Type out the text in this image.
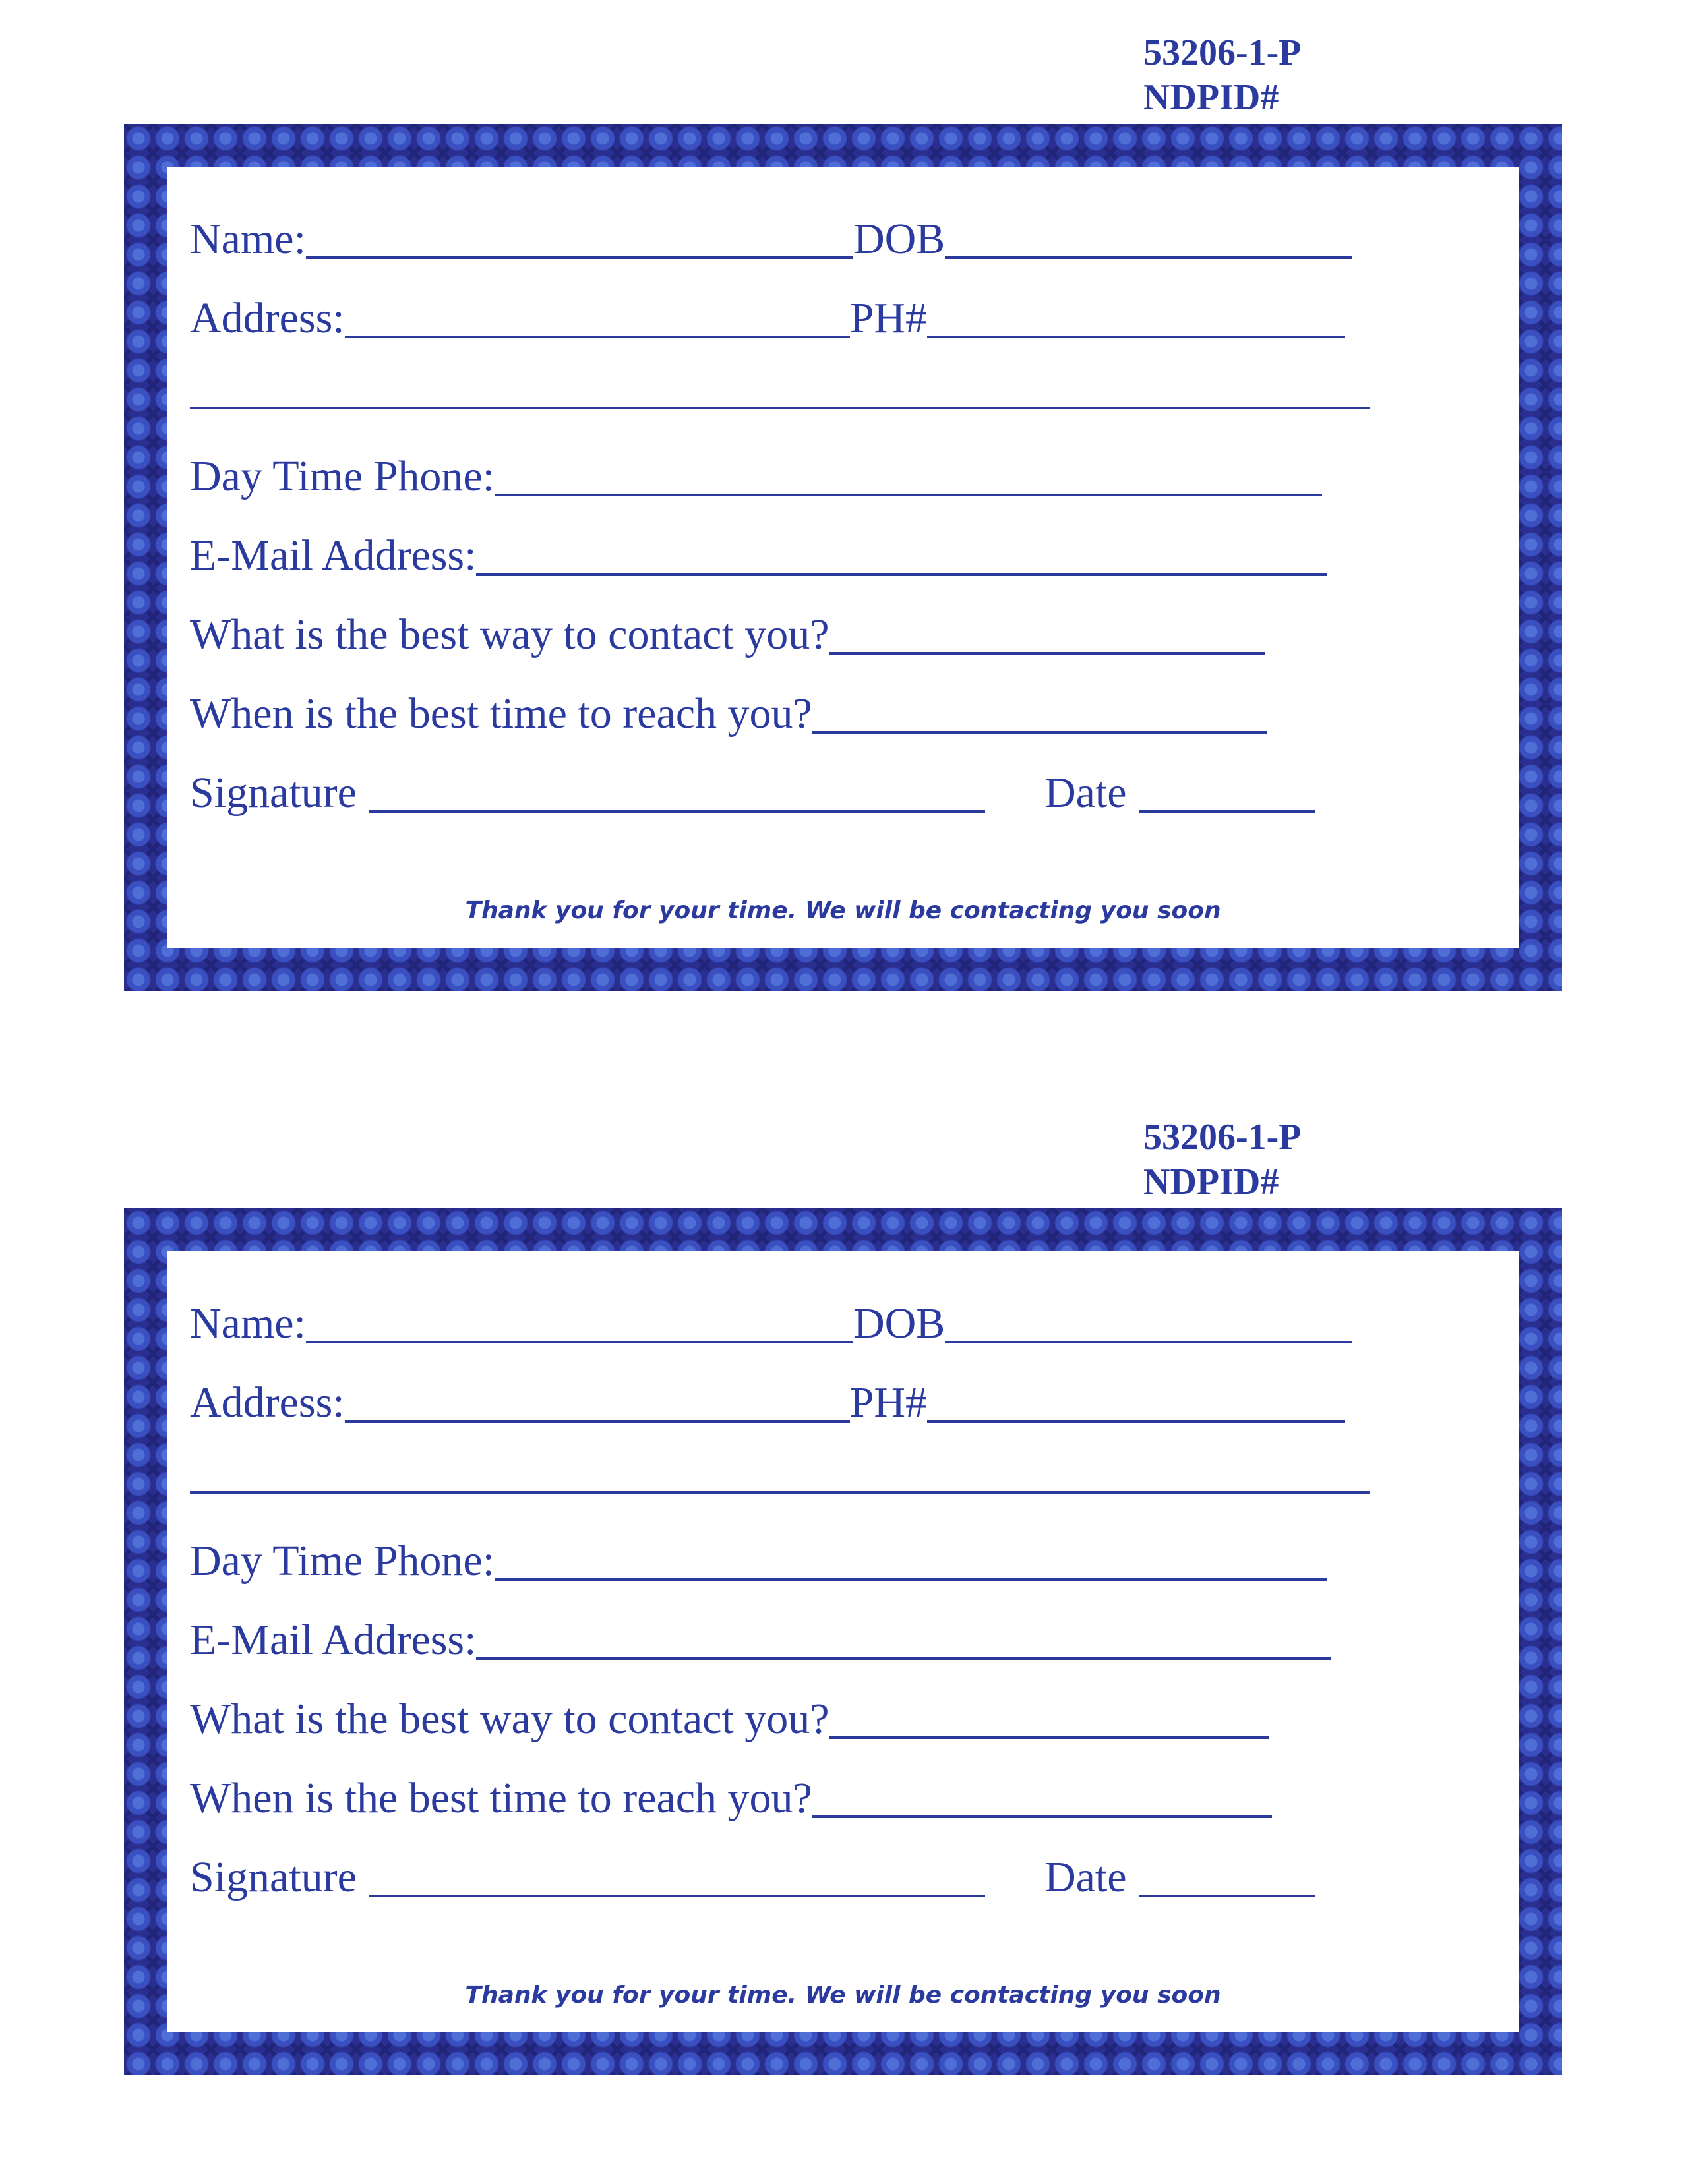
53206-1-P
NDPID#
Name:	DOB
Address:	PH#
Day Time Phone:
E-Mail Address:
What is the best way to contact you?
When is the best time to reach you?
Signature	Date
Thank you for your time. We will be contacting you soon
53206-1-P
NDPID#
Name:	DOB
Address:	PH#
Day Time Phone:
E-Mail Address:
What is the best way to contact you?
When is the best time to reach you?
Signature	Date
Thank you for your time. We will be contacting you soon
